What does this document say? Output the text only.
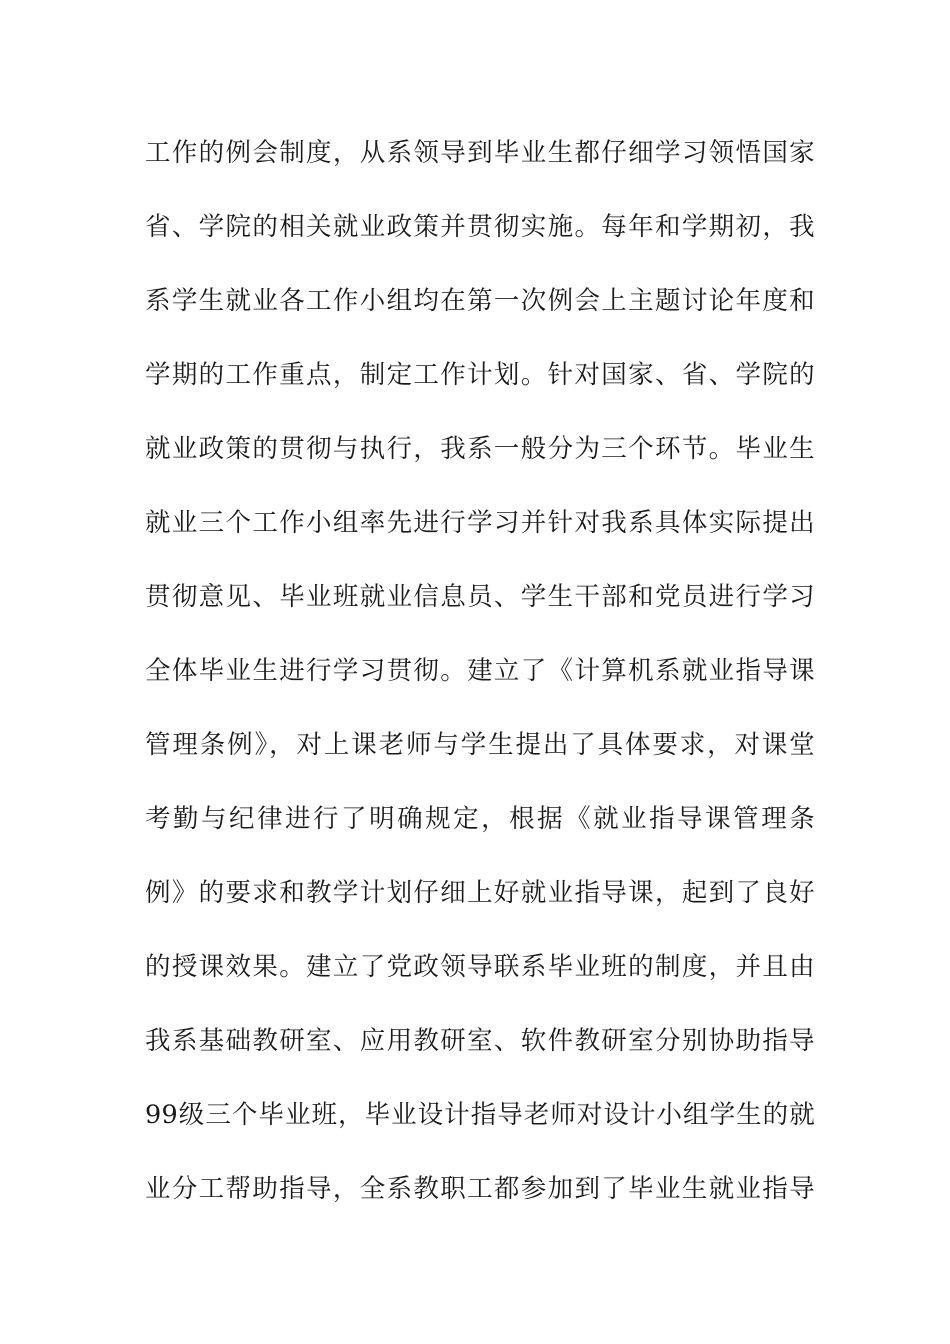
工作的例会制度，从系领导到毕业生都仔细学习领悟国家
省、学院的相关就业政策并贯彻实施。每年和学期初，我
系学生就业各工作小组均在第一次例会上主题讨论年度和
学期的工作重点，制定工作计划。针对国家、省、学院的
就业政策的贯彻与执行，我系一般分为三个环节。毕业生
就业三个工作小组率先进行学习并针对我系具体实际提出
贯彻意见、毕业班就业信息员、学生干部和党员进行学习
全体毕业生进行学习贯彻。建立了《计算机系就业指导课
管理条例》，对上课老师与学生提出了具体要求，对课堂
考勤与纪律进行了明确规定，根据《就业指导课管理条
例》的要求和教学计划仔细上好就业指导课，起到了良好
的授课效果。建立了党政领导联系毕业班的制度，并且由
我系基础教研室、应用教研室、软件教研室分别协助指导
99级三个毕业班，毕业设计指导老师对设计小组学生的就
业分工帮助指导，全系教职工都参加到了毕业生就业指导
